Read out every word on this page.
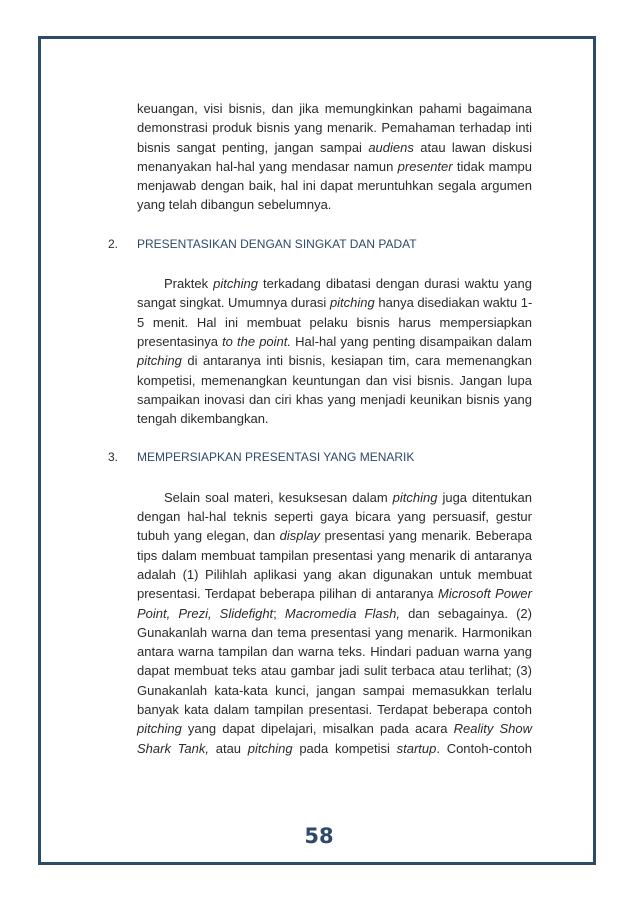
keuangan, visi bisnis, dan jika memungkinkan pahami bagaimana
demonstrasi produk bisnis yang menarik. Pemahaman terhadap inti
bisnis sangat penting, jangan sampai audiens atau lawan diskusi
menanyakan hal-hal yang mendasar namun presenter tidak mampu
menjawab dengan baik, hal ini dapat meruntuhkan segala argumen
yang telah dibangun sebelumnya.

2. PRESENTASIKAN DENGAN SINGKAT DAN PADAT

Praktek pitching terkadang dibatasi dengan durasi waktu yang
sangat singkat. Umumnya durasi pitching hanya disediakan waktu 1-
5 menit. Hal ini membuat pelaku bisnis harus mempersiapkan
presentasinya to the point. Hal-hal yang penting disampaikan dalam
pitching di antaranya inti bisnis, kesiapan tim, cara memenangkan
kompetisi, memenangkan keuntungan dan visi bisnis. Jangan lupa
sampaikan inovasi dan ciri khas yang menjadi keunikan bisnis yang
tengah dikembangkan.

3. MEMPERSIAPKAN PRESENTASI YANG MENARIK

Selain soal materi, kesuksesan dalam pitching juga ditentukan
dengan hal-hal teknis seperti gaya bicara yang persuasif, gestur
tubuh yang elegan, dan display presentasi yang menarik. Beberapa
tips dalam membuat tampilan presentasi yang menarik di antaranya
adalah (1) Pilihlah aplikasi yang akan digunakan untuk membuat
presentasi. Terdapat beberapa pilihan di antaranya Microsoft Power
Point, Prezi, Slidefight; Macromedia Flash, dan sebagainya. (2)
Gunakanlah warna dan tema presentasi yang menarik. Harmonikan
antara warna tampilan dan warna teks. Hindari paduan warna yang
dapat membuat teks atau gambar jadi sulit terbaca atau terlihat; (3)
Gunakanlah kata-kata kunci, jangan sampai memasukkan terlalu
banyak kata dalam tampilan presentasi. Terdapat beberapa contoh
pitching yang dapat dipelajari, misalkan pada acara Reality Show
Shark Tank, atau pitching pada kompetisi startup. Contoh-contoh

58
